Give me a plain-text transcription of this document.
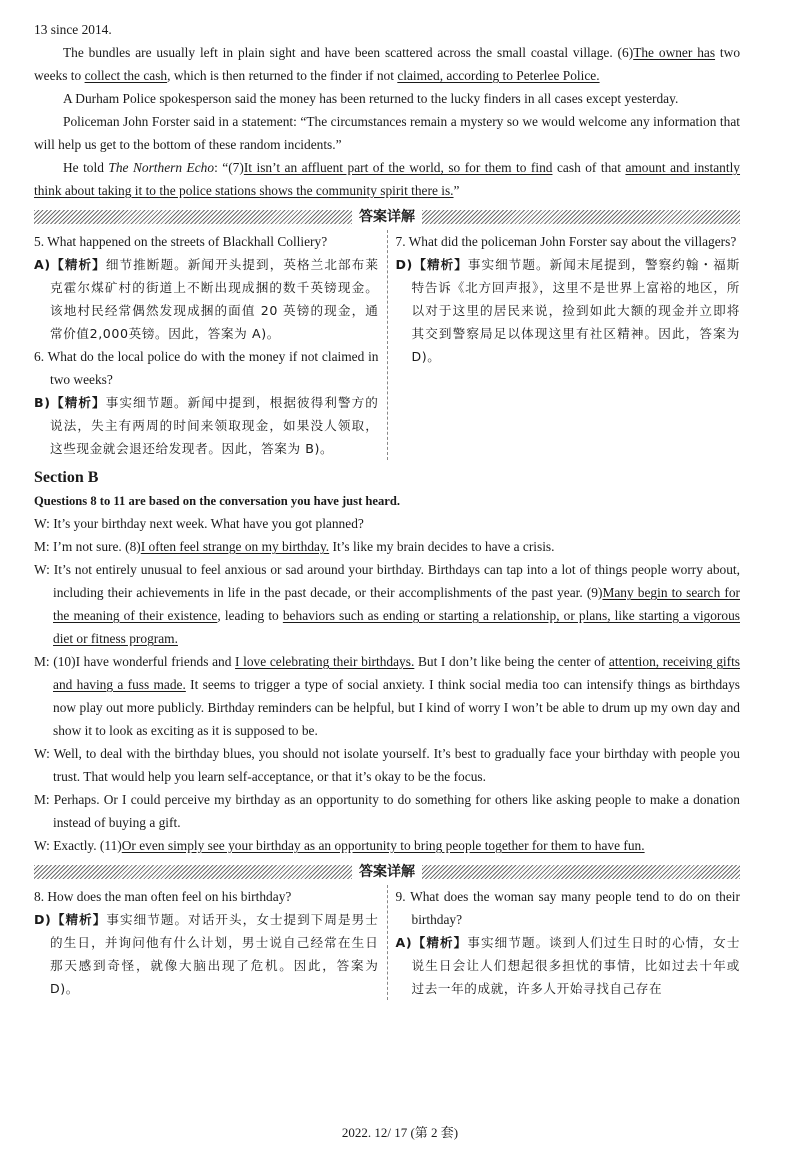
13 since 2014.

The bundles are usually left in plain sight and have been scattered across the small coastal village. (6)The owner has two weeks to collect the cash, which is then returned to the finder if not claimed, according to Peterlee Police.

A Durham Police spokesperson said the money has been returned to the lucky finders in all cases except yesterday.

Policeman John Forster said in a statement: “The circumstances remain a mystery so we would welcome any information that will help us get to the bottom of these random incidents.”

He told The Northern Echo: “(7)It isn’t an affluent part of the world, so for them to find cash of that amount and instantly think about taking it to the police stations shows the community spirit there is.”

答案详解

5. What happened on the streets of Blackhall Colliery?

A)【精析】细节推断题。新闻开头提到，英格兰北部布莱克霍尔煤矿村的街道上不断出现成捆的数千英镑现金。该地村民经常偶然发现成捆的面值 20 英镑的现金，通常价值2,000英镑。因此，答案为 A)。

6. What do the local police do with the money if not claimed in two weeks?

B)【精析】事实细节题。新闻中提到，根据彼得利警方的说法，失主有两周的时间来领取现金，如果没人领取，这些现金就会退还给发现者。因此，答案为 B)。

7. What did the policeman John Forster say about the villagers?

D)【精析】事实细节题。新闻末尾提到，警察约翰・福斯特告诉《北方回声报》，这里不是世界上富裕的地区，所以对于这里的居民来说，捡到如此大额的现金并立即将其交到警察局足以体现这里有社区精神。因此，答案为 D)。

Section B
Questions 8 to 11 are based on the conversation you have just heard.

W: It’s your birthday next week. What have you got planned?

M: I’m not sure. (8)I often feel strange on my birthday. It’s like my brain decides to have a crisis.

W: It’s not entirely unusual to feel anxious or sad around your birthday. Birthdays can tap into a lot of things people worry about, including their achievements in life in the past decade, or their accomplishments of the past year. (9)Many begin to search for the meaning of their existence, leading to behaviors such as ending or starting a relationship, or plans, like starting a vigorous diet or fitness program.

M: (10)I have wonderful friends and I love celebrating their birthdays. But I don’t like being the center of attention, receiving gifts and having a fuss made. It seems to trigger a type of social anxiety. I think social media too can intensify things as birthdays now play out more publicly. Birthday reminders can be helpful, but I kind of worry I won’t be able to drum up my own day and show it to look as exciting as it is supposed to be.

W: Well, to deal with the birthday blues, you should not isolate yourself. It’s best to gradually face your birthday with people you trust. That would help you learn self-acceptance, or that it’s okay to be the focus.

M: Perhaps. Or I could perceive my birthday as an opportunity to do something for others like asking people to make a donation instead of buying a gift.

W: Exactly. (11)Or even simply see your birthday as an opportunity to bring people together for them to have fun.

答案详解

8. How does the man often feel on his birthday?

D)【精析】事实细节题。对话开头，女士提到下周是男士的生日，并询问他有什么计划，男士说自己经常在生日那天感到奇怪，就像大脑出现了危机。因此，答案为 D)。

9. What does the woman say many people tend to do on their birthday?

A)【精析】事实细节题。谈到人们过生日时的心情，女士说生日会让人们想起很多担忧的事情，比如过去十年或过去一年的成就，许多人开始寻找自己存在

2022. 12/ 17 (第 2 套)
